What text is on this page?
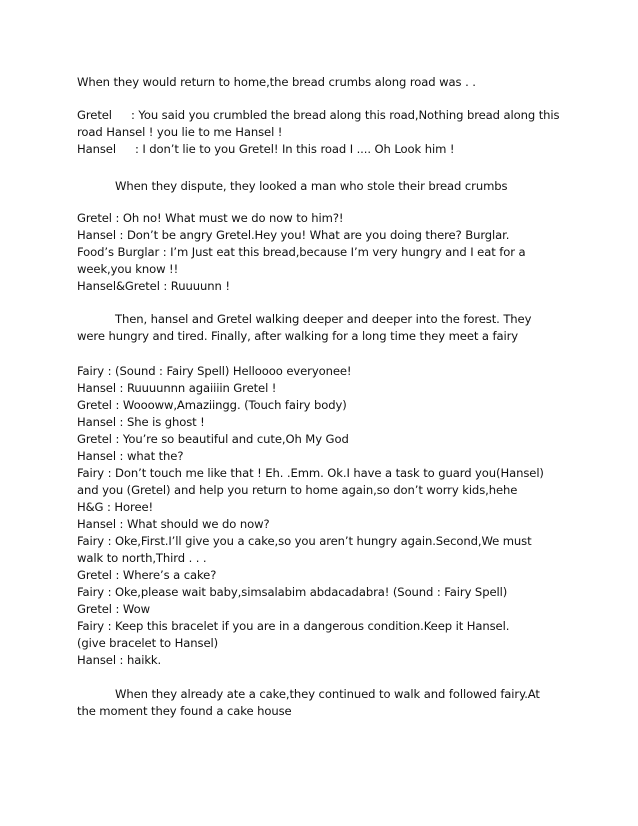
When they would return to home,the bread crumbs along road was . .
Gretel : You said you crumbled the bread along this road,Nothing bread along this
road Hansel ! you lie to me Hansel !
Hansel : I don’t lie to you Gretel! In this road I .... Oh Look him !
When they dispute, they looked a man who stole their bread crumbs
Gretel : Oh no! What must we do now to him?!
Hansel : Don’t be angry Gretel.Hey you! What are you doing there? Burglar.
Food’s Burglar : I’m Just eat this bread,because I’m very hungry and I eat for a
week,you know !!
Hansel&Gretel : Ruuuunn !
Then, hansel and Gretel walking deeper and deeper into the forest. They
were hungry and tired. Finally, after walking for a long time they meet a fairy
Fairy : (Sound : Fairy Spell) Helloooo everyonee!
Hansel : Ruuuunnn agaiiiin Gretel !
Gretel : Woooww,Amaziingg. (Touch fairy body)
Hansel : She is ghost !
Gretel : You’re so beautiful and cute,Oh My God
Hansel : what the?
Fairy : Don’t touch me like that ! Eh. .Emm. Ok.I have a task to guard you(Hansel)
and you (Gretel) and help you return to home again,so don’t worry kids,hehe
H&G : Horee!
Hansel : What should we do now?
Fairy : Oke,First.I’ll give you a cake,so you aren’t hungry again.Second,We must
walk to north,Third . . .
Gretel : Where’s a cake?
Fairy : Oke,please wait baby,simsalabim abdacadabra! (Sound : Fairy Spell)
Gretel : Wow
Fairy : Keep this bracelet if you are in a dangerous condition.Keep it Hansel.
(give bracelet to Hansel)
Hansel : haikk.
When they already ate a cake,they continued to walk and followed fairy.At
the moment they found a cake house
